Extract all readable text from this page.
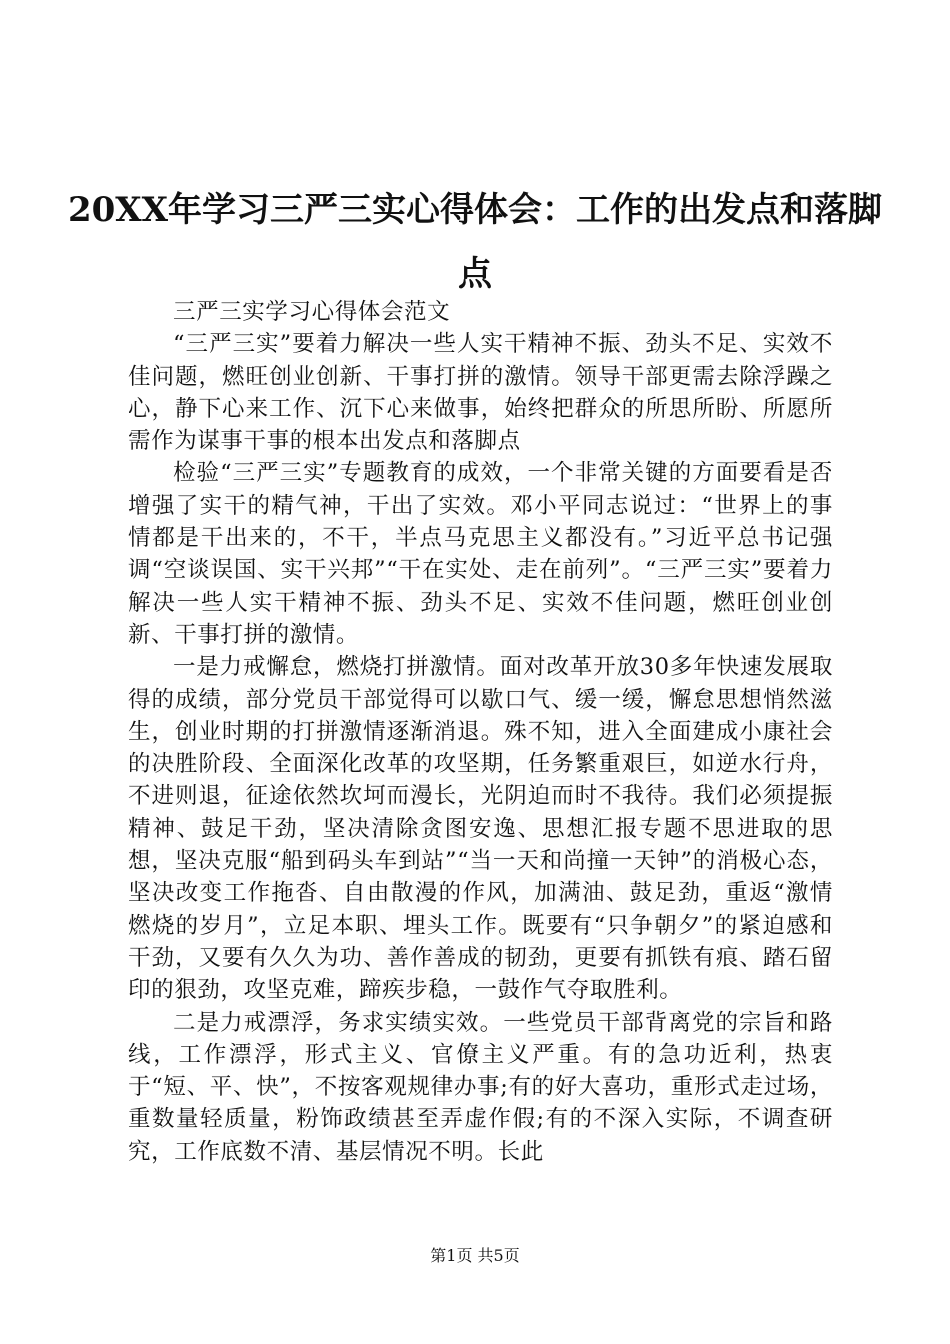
20XX年学习三严三实心得体会：工作的出发点和落脚点

三严三实学习心得体会范文

“三严三实”要着力解决一些人实干精神不振、劲头不足、实效不佳问题，燃旺创业创新、干事打拼的激情。领导干部更需去除浮躁之心，静下心来工作、沉下心来做事，始终把群众的所思所盼、所愿所需作为谋事干事的根本出发点和落脚点

检验“三严三实”专题教育的成效，一个非常关键的方面要看是否增强了实干的精气神，干出了实效。邓小平同志说过：“世界上的事情都是干出来的，不干，半点马克思主义都没有。”习近平总书记强调“空谈误国、实干兴邦”“干在实处、走在前列”。“三严三实”要着力解决一些人实干精神不振、劲头不足、实效不佳问题，燃旺创业创新、干事打拼的激情。

一是力戒懈怠，燃烧打拼激情。面对改革开放30多年快速发展取得的成绩，部分党员干部觉得可以歇口气、缓一缓，懈怠思想悄然滋生，创业时期的打拼激情逐渐消退。殊不知，进入全面建成小康社会的决胜阶段、全面深化改革的攻坚期，任务繁重艰巨，如逆水行舟，不进则退，征途依然坎坷而漫长，光阴迫而时不我待。我们必须提振精神、鼓足干劲，坚决清除贪图安逸、思想汇报专题不思进取的思想，坚决克服“船到码头车到站”“当一天和尚撞一天钟”的消极心态，坚决改变工作拖沓、自由散漫的作风，加满油、鼓足劲，重返“激情燃烧的岁月”，立足本职、埋头工作。既要有“只争朝夕”的紧迫感和干劲，又要有久久为功、善作善成的韧劲，更要有抓铁有痕、踏石留印的狠劲，攻坚克难，蹄疾步稳，一鼓作气夺取胜利。

二是力戒漂浮，务求实绩实效。一些党员干部背离党的宗旨和路线，工作漂浮，形式主义、官僚主义严重。有的急功近利，热衷于“短、平、快”，不按客观规律办事;有的好大喜功，重形式走过场，重数量轻质量，粉饰政绩甚至弄虚作假;有的不深入实际，不调查研究，工作底数不清、基层情况不明。长此

第1页 共5页
